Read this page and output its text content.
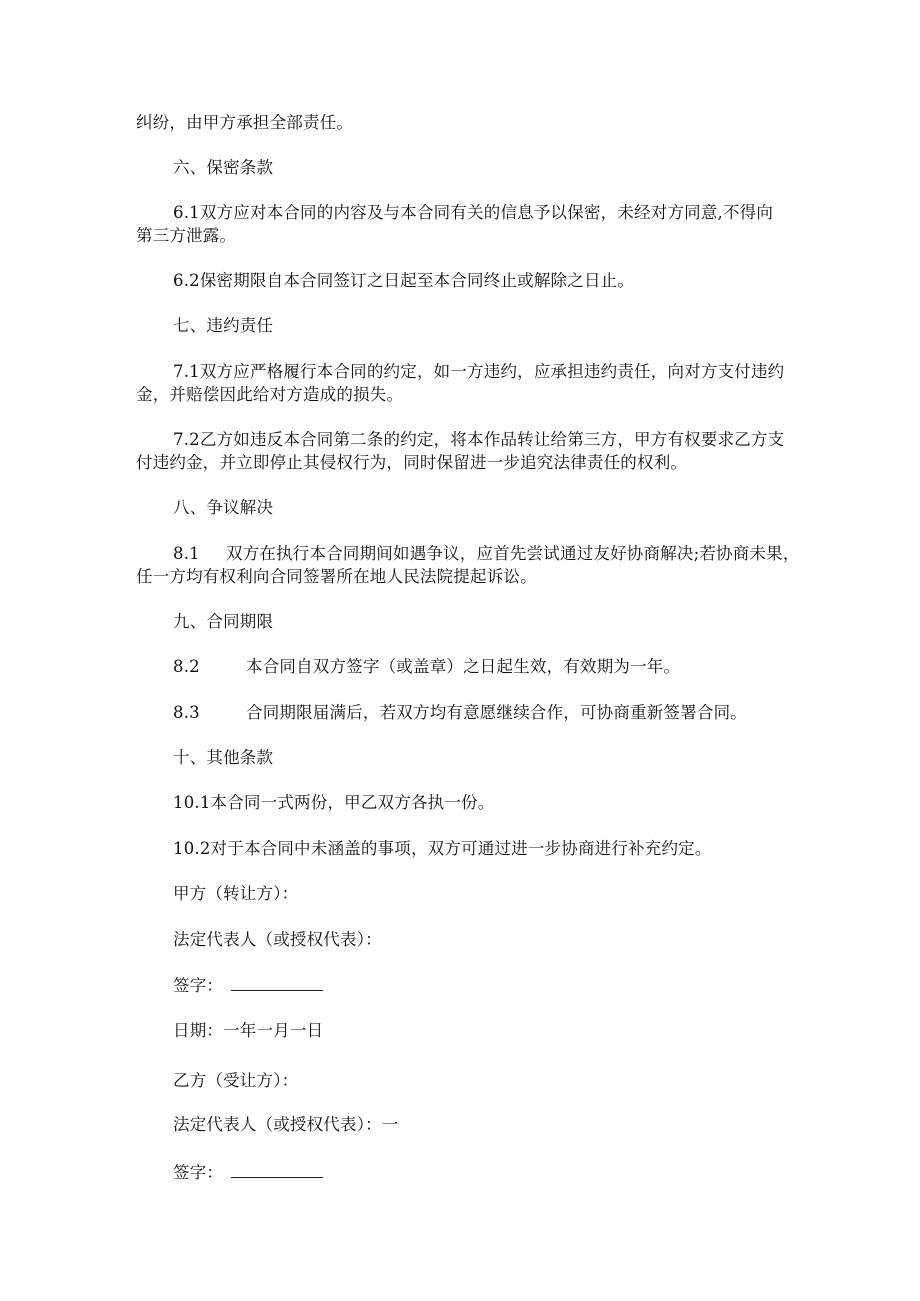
纠纷，由甲方承担全部责任。
六、保密条款
6.1双方应对本合同的内容及与本合同有关的信息予以保密，未经对方同意,不得向
第三方泄露。
6.2保密期限自本合同签订之日起至本合同终止或解除之日止。
七、违约责任
7.1双方应严格履行本合同的约定，如一方违约，应承担违约责任，向对方支付违约
金，并赔偿因此给对方造成的损失。
7.2乙方如违反本合同第二条的约定，将本作品转让给第三方，甲方有权要求乙方支
付违约金，并立即停止其侵权行为，同时保留进一步追究法律责任的权利。
八、争议解决
8.1 双方在执行本合同期间如遇争议，应首先尝试通过友好协商解决;若协商未果，
任一方均有权利向合同签署所在地人民法院提起诉讼。
九、合同期限
8.2	本合同自双方签字（或盖章）之日起生效，有效期为一年。
8.3	合同期限届满后，若双方均有意愿继续合作，可协商重新签署合同。
十、其他条款
10.1本合同一式两份，甲乙双方各执一份。
10.2对于本合同中未涵盖的事项，双方可通过进一步协商进行补充约定。
甲方（转让方）：
法定代表人（或授权代表）：
签字：
日期：一年一月一日
乙方（受让方）：
法定代表人（或授权代表）：一
签字：
